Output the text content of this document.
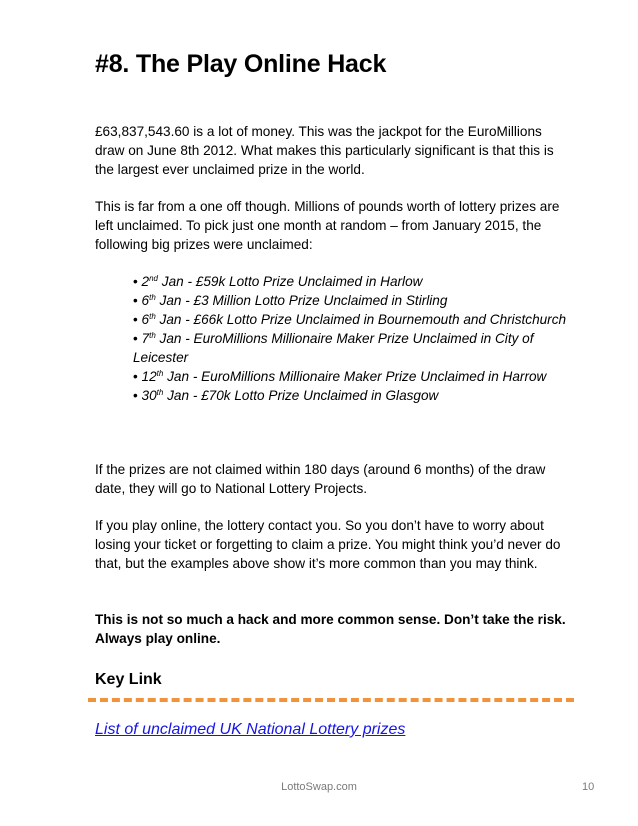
#8. The Play Online Hack

£63,837,543.60 is a lot of money. This was the jackpot for the EuroMillions draw on June 8th 2012. What makes this particularly significant is that this is the largest ever unclaimed prize in the world.

This is far from a one off though. Millions of pounds worth of lottery prizes are left unclaimed. To pick just one month at random – from January 2015, the following big prizes were unclaimed:

• 2nd Jan - £59k Lotto Prize Unclaimed in Harlow
• 6th Jan - £3 Million Lotto Prize Unclaimed in Stirling
• 6th Jan - £66k Lotto Prize Unclaimed in Bournemouth and Christchurch
• 7th Jan - EuroMillions Millionaire Maker Prize Unclaimed in City of Leicester
• 12th Jan - EuroMillions Millionaire Maker Prize Unclaimed in Harrow
• 30th Jan - £70k Lotto Prize Unclaimed in Glasgow

If the prizes are not claimed within 180 days (around 6 months) of the draw date, they will go to National Lottery Projects.

If you play online, the lottery contact you. So you don’t have to worry about losing your ticket or forgetting to claim a prize. You might think you’d never do that, but the examples above show it’s more common than you may think.

This is not so much a hack and more common sense. Don’t take the risk. Always play online.

Key Link
List of unclaimed UK National Lottery prizes
LottoSwap.com	10
